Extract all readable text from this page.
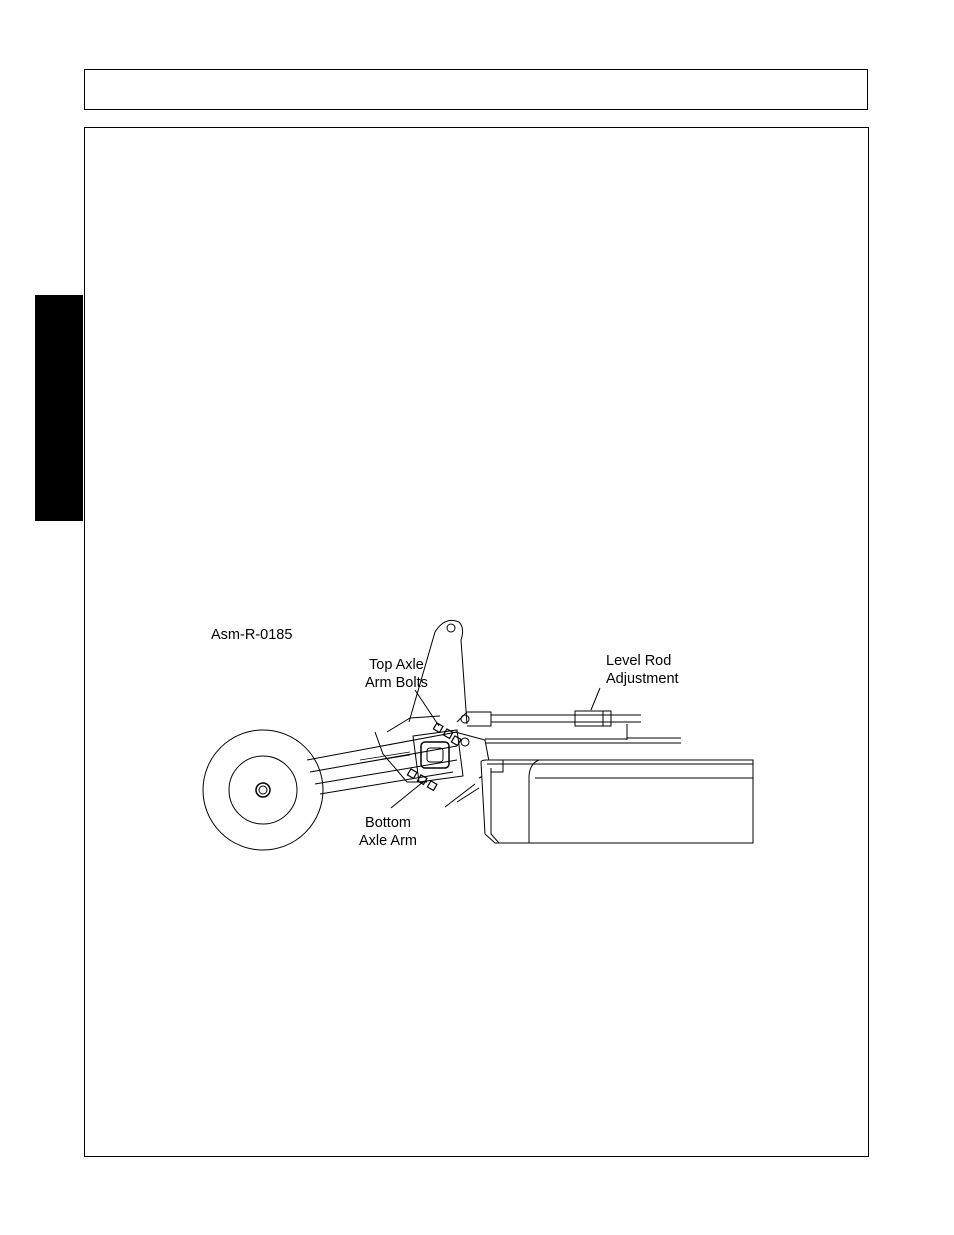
Asm-R-0185
Top Axle
Arm Bolts
Level Rod
Adjustment
Bottom
Axle Arm
